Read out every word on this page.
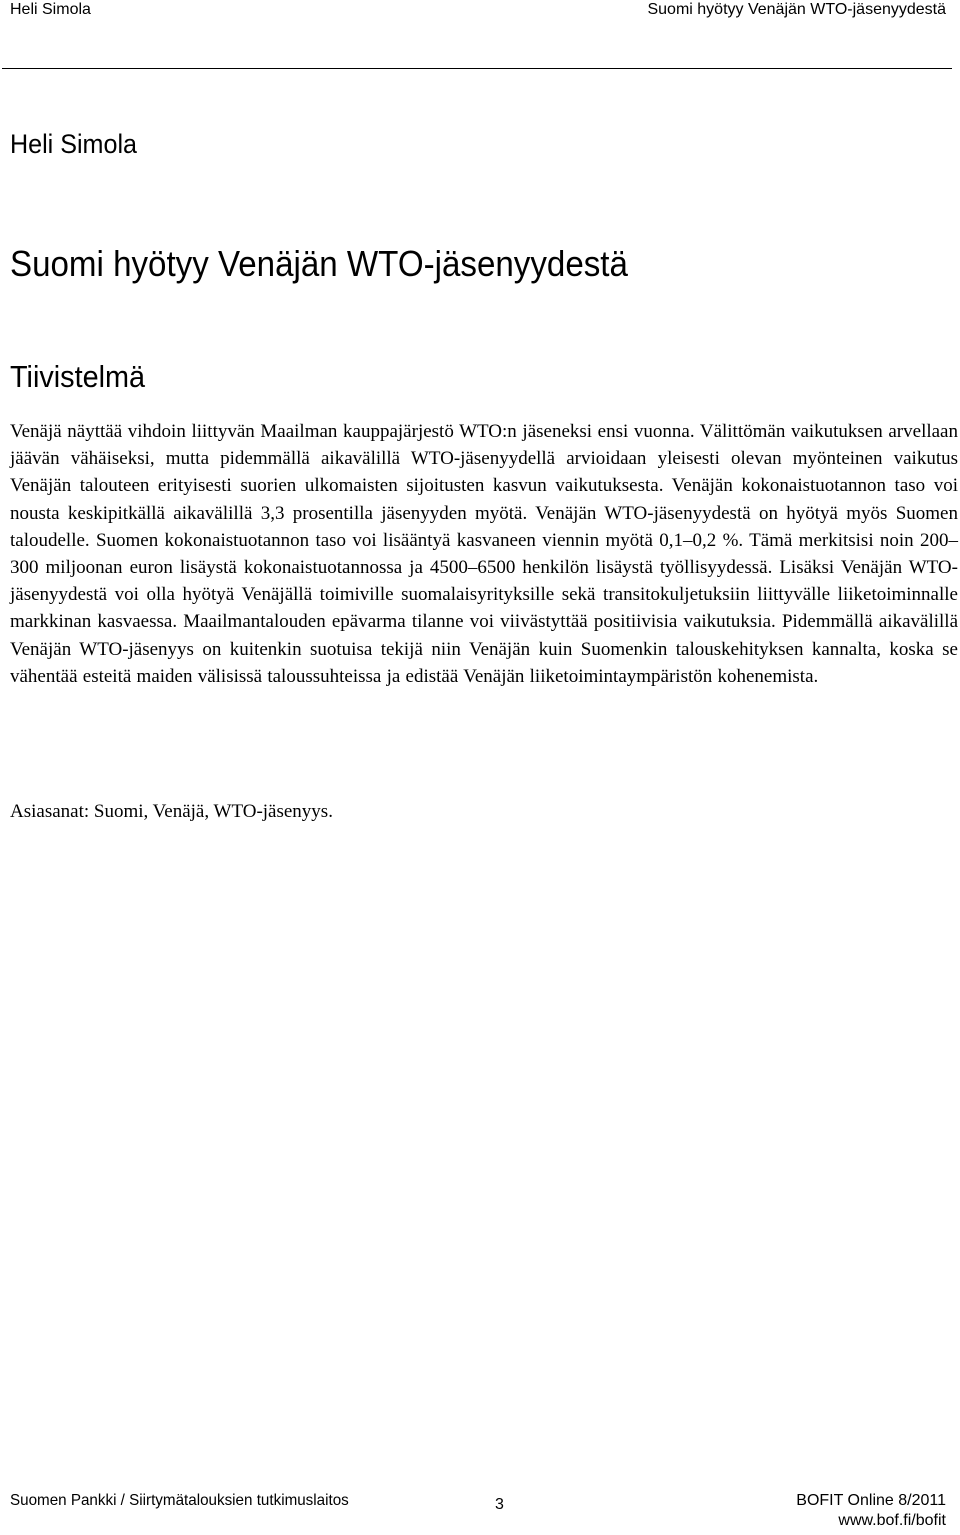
Heli Simola	Suomi hyötyy Venäjän WTO-jäsenyydestä
Heli Simola
Suomi hyötyy Venäjän WTO-jäsenyydestä
Tiivistelmä

Venäjä näyttää vihdoin liittyvän Maailman kauppajärjestö WTO:n jäseneksi ensi vuonna. Välittömän vaikutuksen arvellaan jäävän vähäiseksi, mutta pidemmällä aikavälillä WTO-jäsenyydellä arvioidaan yleisesti olevan myönteinen vaikutus Venäjän talouteen erityisesti suorien ulkomaisten sijoitusten kasvun vaikutuksesta. Venäjän kokonaistuotannon taso voi nousta keskipitkällä aikavälillä 3,3 prosentilla jäsenyyden myötä. Venäjän WTO-jäsenyydestä on hyötyä myös Suomen taloudelle. Suomen kokonaistuotannon taso voi lisääntyä kasvaneen viennin myötä 0,1–0,2 %. Tämä merkitsisi noin 200–300 miljoonan euron lisäystä kokonaistuotannossa ja 4500–6500 henkilön lisäystä työllisyydessä. Lisäksi Venäjän WTO-jäsenyydestä voi olla hyötyä Venäjällä toimiville suomalaisyrityksille sekä transitokuljetuksiin liittyvälle liiketoiminnalle markkinan kasvaessa. Maailmantalouden epävarma tilanne voi viivästyttää positiivisia vaikutuksia. Pidemmällä aikavälillä Venäjän WTO-jäsenyys on kuitenkin suotuisa tekijä niin Venäjän kuin Suomenkin talouskehityksen kannalta, koska se vähentää esteitä maiden välisissä taloussuhteissa ja edistää Venäjän liiketoimintaympäristön kohenemista.

Asiasanat: Suomi, Venäjä, WTO-jäsenyys.
Suomen Pankki / Siirtymätalouksien tutkimuslaitos	3	BOFIT Online 8/2011
www.bof.fi/bofit
